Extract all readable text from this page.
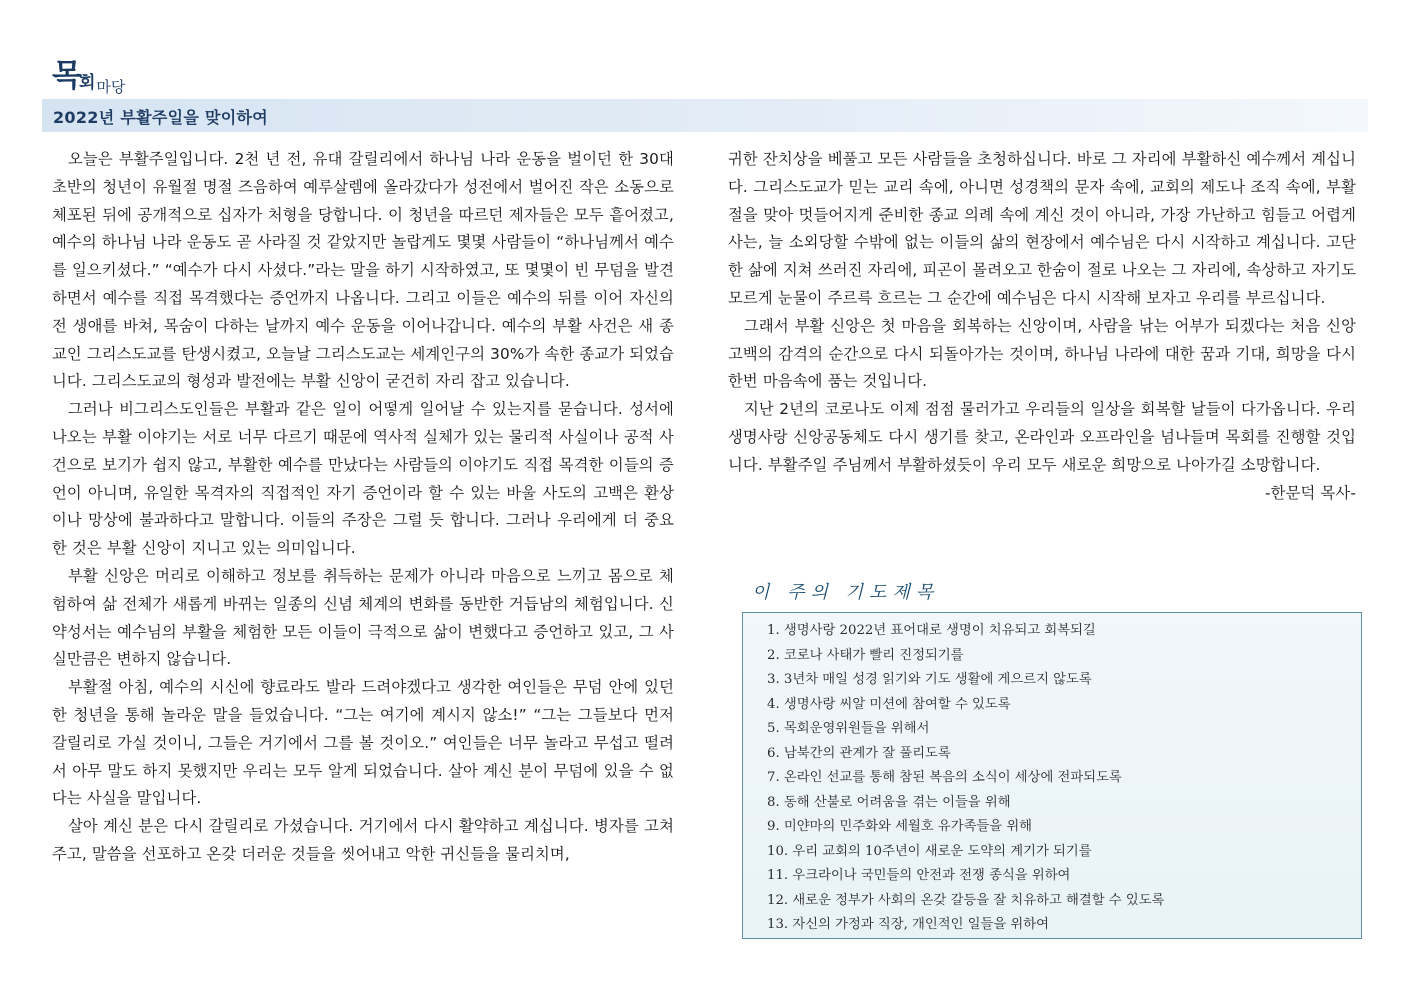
목회마당
2022년 부활주일을 맞이하여

오늘은 부활주일입니다. 2천 년 전, 유대 갈릴리에서 하나님 나라 운동을 벌이던 한 30대 초반의 청년이 유월절 명절 즈음하여 예루살렘에 올라갔다가 성전에서 벌어진 작은 소동으로 체포된 뒤에 공개적으로 십자가 처형을 당합니다. 이 청년을 따르던 제자들은 모두 흩어졌고, 예수의 하나님 나라 운동도 곧 사라질 것 같았지만 놀랍게도 몇몇 사람들이 “하나님께서 예수를 일으키셨다.” “예수가 다시 사셨다.”라는 말을 하기 시작하였고, 또 몇몇이 빈 무덤을 발견하면서 예수를 직접 목격했다는 증언까지 나옵니다. 그리고 이들은 예수의 뒤를 이어 자신의 전 생애를 바쳐, 목숨이 다하는 날까지 예수 운동을 이어나갑니다. 예수의 부활 사건은 새 종교인 그리스도교를 탄생시켰고, 오늘날 그리스도교는 세계인구의 30%가 속한 종교가 되었습니다. 그리스도교의 형성과 발전에는 부활 신앙이 굳건히 자리 잡고 있습니다.

그러나 비그리스도인들은 부활과 같은 일이 어떻게 일어날 수 있는지를 묻습니다. 성서에 나오는 부활 이야기는 서로 너무 다르기 때문에 역사적 실체가 있는 물리적 사실이나 공적 사건으로 보기가 쉽지 않고, 부활한 예수를 만났다는 사람들의 이야기도 직접 목격한 이들의 증언이 아니며, 유일한 목격자의 직접적인 자기 증언이라 할 수 있는 바울 사도의 고백은 환상이나 망상에 불과하다고 말합니다. 이들의 주장은 그럴 듯 합니다. 그러나 우리에게 더 중요한 것은 부활 신앙이 지니고 있는 의미입니다.

부활 신앙은 머리로 이해하고 정보를 취득하는 문제가 아니라 마음으로 느끼고 몸으로 체험하여 삶 전체가 새롭게 바뀌는 일종의 신념 체계의 변화를 동반한 거듭남의 체험입니다. 신약성서는 예수님의 부활을 체험한 모든 이들이 극적으로 삶이 변했다고 증언하고 있고, 그 사실만큼은 변하지 않습니다.

부활절 아침, 예수의 시신에 향료라도 발라 드려야겠다고 생각한 여인들은 무덤 안에 있던 한 청년을 통해 놀라운 말을 들었습니다. “그는 여기에 계시지 않소!” “그는 그들보다 먼저 갈릴리로 가실 것이니, 그들은 거기에서 그를 볼 것이오.” 여인들은 너무 놀라고 무섭고 떨려서 아무 말도 하지 못했지만 우리는 모두 알게 되었습니다. 살아 계신 분이 무덤에 있을 수 없다는 사실을 말입니다.

살아 계신 분은 다시 갈릴리로 가셨습니다. 거기에서 다시 활약하고 계십니다. 병자를 고쳐 주고, 말씀을 선포하고 온갖 더러운 것들을 씻어내고 악한 귀신들을 물리치며,

귀한 잔치상을 베풀고 모든 사람들을 초청하십니다. 바로 그 자리에 부활하신 예수께서 계십니다. 그리스도교가 믿는 교리 속에, 아니면 성경책의 문자 속에, 교회의 제도나 조직 속에, 부활절을 맞아 멋들어지게 준비한 종교 의례 속에 계신 것이 아니라, 가장 가난하고 힘들고 어렵게 사는, 늘 소외당할 수밖에 없는 이들의 삶의 현장에서 예수님은 다시 시작하고 계십니다. 고단한 삶에 지쳐 쓰러진 자리에, 피곤이 몰려오고 한숨이 절로 나오는 그 자리에, 속상하고 자기도 모르게 눈물이 주르륵 흐르는 그 순간에 예수님은 다시 시작해 보자고 우리를 부르십니다.

그래서 부활 신앙은 첫 마음을 회복하는 신앙이며, 사람을 낚는 어부가 되겠다는 처음 신앙고백의 감격의 순간으로 다시 되돌아가는 것이며, 하나님 나라에 대한 꿈과 기대, 희망을 다시 한번 마음속에 품는 것입니다.

지난 2년의 코로나도 이제 점점 물러가고 우리들의 일상을 회복할 날들이 다가옵니다. 우리 생명사랑 신앙공동체도 다시 생기를 찾고, 온라인과 오프라인을 넘나들며 목회를 진행할 것입니다. 부활주일 주님께서 부활하셨듯이 우리 모두 새로운 희망으로 나아가길 소망합니다.

-한문덕 목사-

이 주의 기도제목
1. 생명사랑 2022년 표어대로 생명이 치유되고 회복되길
2. 코로나 사태가 빨리 진정되기를
3. 3년차 매일 성경 읽기와 기도 생활에 게으르지 않도록
4. 생명사랑 씨알 미션에 참여할 수 있도록
5. 목회운영위원들을 위해서
6. 남북간의 관계가 잘 풀리도록
7. 온라인 선교를 통해 참된 복음의 소식이 세상에 전파되도록
8. 동해 산불로 어려움을 겪는 이들을 위해
9. 미얀마의 민주화와 세월호 유가족들을 위해
10. 우리 교회의 10주년이 새로운 도약의 계기가 되기를
11. 우크라이나 국민들의 안전과 전쟁 종식을 위하여
12. 새로운 정부가 사회의 온갖 갈등을 잘 치유하고 해결할 수 있도록
13. 자신의 가정과 직장, 개인적인 일들을 위하여
